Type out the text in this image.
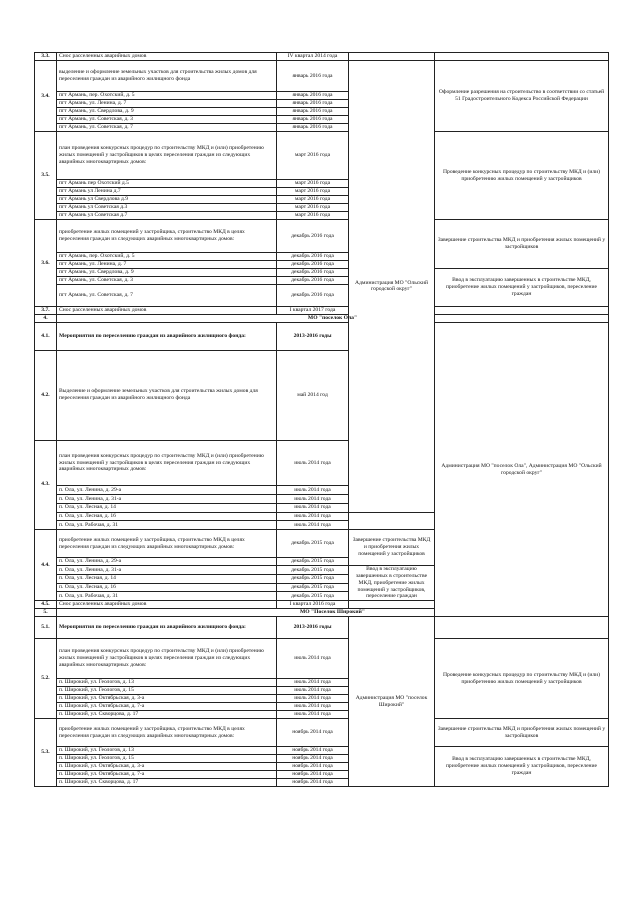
3.3.	Снос расселенных аварийных домов	IV квартал 2014 года			
3.4.	выделение и оформление земельных участков для строительства жилых домов для переселения граждан из аварийного жилищного фонда	январь 2016 года	Администрация МО "Ольский городской округ"	Оформление разрешения на строительство в соответствии со статьей 51 Градостроительного Кодекса Российской Федерации	
	пгт Армань, пер. Охотский, д. 5	январь 2016 года			
	пгт Армань, ул. Ленина, д. 7	январь 2016 года			
	пгт Армань, ул. Свердлова, д. 9	январь 2016 года			
	пгт Армань, ул. Советская, д. 3	январь 2016 года			
	пгт Армань, ул. Советская, д. 7	январь 2016 года			
3.5.	план проведения конкурсных процедур по строительству МКД и (или) приобретению жилых помещений у застройщиков в целях переселения граждан из следующих аварийных многоквартирных домов:	март 2016 года		Проведение конкурсных процедур по строительству МКД и (или) приобретению жилых помещений у застройщиков	
	пгт Армань пер Охотский д.5	март 2016 года			
	пгт Армань ул Ленина д.7	март 2016 года			
	пгт Армань ул Свердлова д.9	март 2016 года			
	пгт Армань ул Советская д.3	март 2016 года			
	пгт Армань ул Советская д.7	март 2016 года			
3.6.	приобретение жилых помещений у застройщика, строительство МКД в целях переселения граждан из следующих аварийных многоквартирных домов:	декабрь 2016 года		Завершение строительства МКД и приобретения жилых помещений у застройщиков	
	пгт Армань, пер. Охотский, д. 5	декабрь 2016 года			
	пгт Армань, ул. Ленина, д. 7	декабрь 2016 года			
	пгт Армань, ул. Свердлова, д. 9	декабрь 2016 года		Ввод в эксплуатацию завершенных в строительстве МКД, приобретение жилых помещений у застройщиков, переселение граждан	
	пгт Армань, ул. Советская, д. 3	декабрь 2016 года			
	пгт Армань, ул. Советская, д. 7	декабрь 2016 года			
3.7.	Снос расселенных аварийных домов	I квартал 2017 года			
4.	МО "поселок Ола"				
4.1.	Мероприятия по переселению граждан из аварийного жилищного фонда:	2013-2016 годы		Администрация МО "поселок Ола", Администрация МО "Ольский городской округ"	
4.2.	Выделение и оформление земельных участков для строительства жилых домов для переселения граждан из аварийного жилищного фонда	май 2014 год	
4.3.	план проведения конкурсных процедур по строительству МКД и (или) приобретению жилых помещений у застройщиков в целях переселения граждан из следующих аварийных многоквартирных домов:	июль 2014 года	
	п. Ола, ул. Ленина, д. 29-а	июль 2014 года			
	п. Ола, ул. Ленина, д. 31-а	июль 2014 года			
	п. Ола, ул. Лесная, д. 14	июль 2014 года			
	п. Ола, ул. Лесная, д. 16	июль 2014 года			
	п. Ола, ул. Рабочая, д. 31	июль 2014 года			
4.4.	приобретение жилых помещений у застройщика, строительство МКД в целях переселения граждан из следующих аварийных многоквартирных домов:	декабрь 2015 года	Завершение строительства МКД и приобретения жилых помещений у застройщиков		
	п. Ола, ул. Ленина, д. 29-а	декабрь 2015 года			
	п. Ола, ул. Ленина, д. 31-а	декабрь 2015 года	Ввод в эксплуатацию завершенных в строительстве МКД, приобретение жилых помещений у застройщиков, переселение граждан		
	п. Ола, ул. Лесная, д. 14	декабрь 2015 года			
	п. Ола, ул. Лесная, д. 16	декабрь 2015 года			
	п. Ола, ул. Рабочая, д. 31	декабрь 2015 года			
4.5.	Снос расселенных аварийных домов	I квартал 2016 года			
5.	МО "Поселок Широкий"				
5.1.	Мероприятия по переселению граждан из аварийного жилищного фонда:	2013-2016 годы	Администрация МО "поселок Широкий"		
5.2.	план проведения конкурсных процедур по строительству МКД и (или) приобретению жилых помещений у застройщиков в целях переселения граждан из следующих аварийных многоквартирных домов:	июль 2014 года		Проведение конкурсных процедур по строительству МКД и (или) приобретению жилых помещений у застройщиков	
	п. Широкий, ул. Геологов, д. 13	июль 2014 года			
	п. Широкий, ул. Геологов, д. 15	июль 2014 года			
	п. Широкий, ул. Октябрьская, д. 3-а	июль 2014 года			
	п. Широкий, ул. Октябрьская, д. 7-а	июль 2014 года			
	п. Широкий, ул. Скворцова, д. 17	июль 2014 года			
5.3.	приобретение жилых помещений у застройщика, строительство МКД в целях переселения граждан из следующих аварийных многоквартирных домов:	ноябрь 2014 года		Завершение строительства МКД и приобретения жилых помещений у застройщиков	
	п. Широкий, ул. Геологов, д. 13	ноябрь 2014 года		Ввод в эксплуатацию завершенных в строительстве МКД, приобретение жилых помещений у застройщиков, переселение граждан	
	п. Широкий, ул. Геологов, д. 15	ноябрь 2014 года			
	п. Широкий, ул. Октябрьская, д. 3-а	ноябрь 2014 года			
	п. Широкий, ул. Октябрьская, д. 7-а	ноябрь 2014 года			
	п. Широкий, ул. Скворцова, д. 17	ноябрь 2014 года			
